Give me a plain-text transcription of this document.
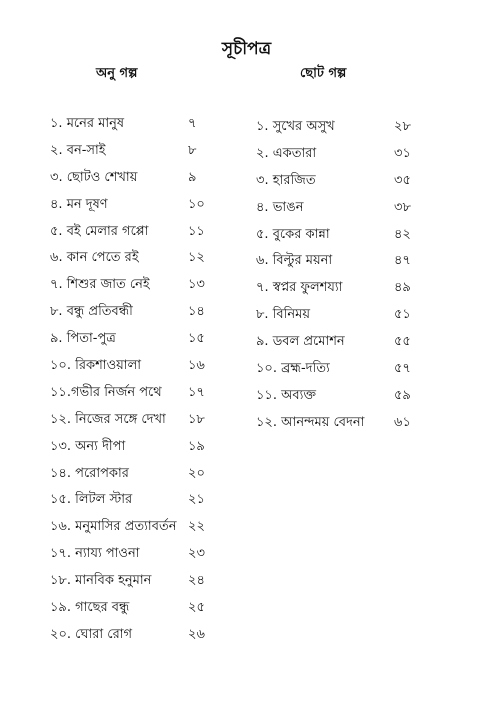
সূচীপত্র
অনু গল্প	ছোট গল্প
১. মনের মানুষ	৭
২. বন-সাই	৮
৩. ছোটও শেখায়	৯
৪. মন দূষণ	১০
৫. বই মেলার গপ্পো	১১
৬. কান পেতে রই	১২
৭. শিশুর জাত নেই	১৩
৮. বন্ধু প্রতিবন্ধী	১৪
৯. পিতা-পুত্র	১৫
১০. রিকশাওয়ালা	১৬
১১.গভীর নির্জন পথে ১৭
১২. নিজের সঙ্গে দেখা ১৮
১৩. অন্য দীপা	১৯
১৪. পরোপকার	২০
১৫. লিটল স্টার	২১
১৬. মনুমাসির প্রত্যাবর্তন ২২
১৭. ন্যায্য পাওনা	২৩
১৮. মানবিক হনুমান	২৪
১৯. গাছের বন্ধু	২৫
২০. ঘোরা রোগ	২৬
১. সুখের অসুখ	২৮
২. একতারা	৩১
৩. হারজিত	৩৫
৪. ভাঙন	৩৮
৫. বুকের কান্না	৪২
৬. বিল্টুর ময়না	৪৭
৭. স্বপ্নর ফুলশয্যা	৪৯
৮. বিনিময়	৫১
৯. ডবল প্রমোশন	৫৫
১০. ব্রহ্ম-দত্যি	৫৭
১১. অব্যক্ত	৫৯
১২. আনন্দময় বেদনা ৬১
